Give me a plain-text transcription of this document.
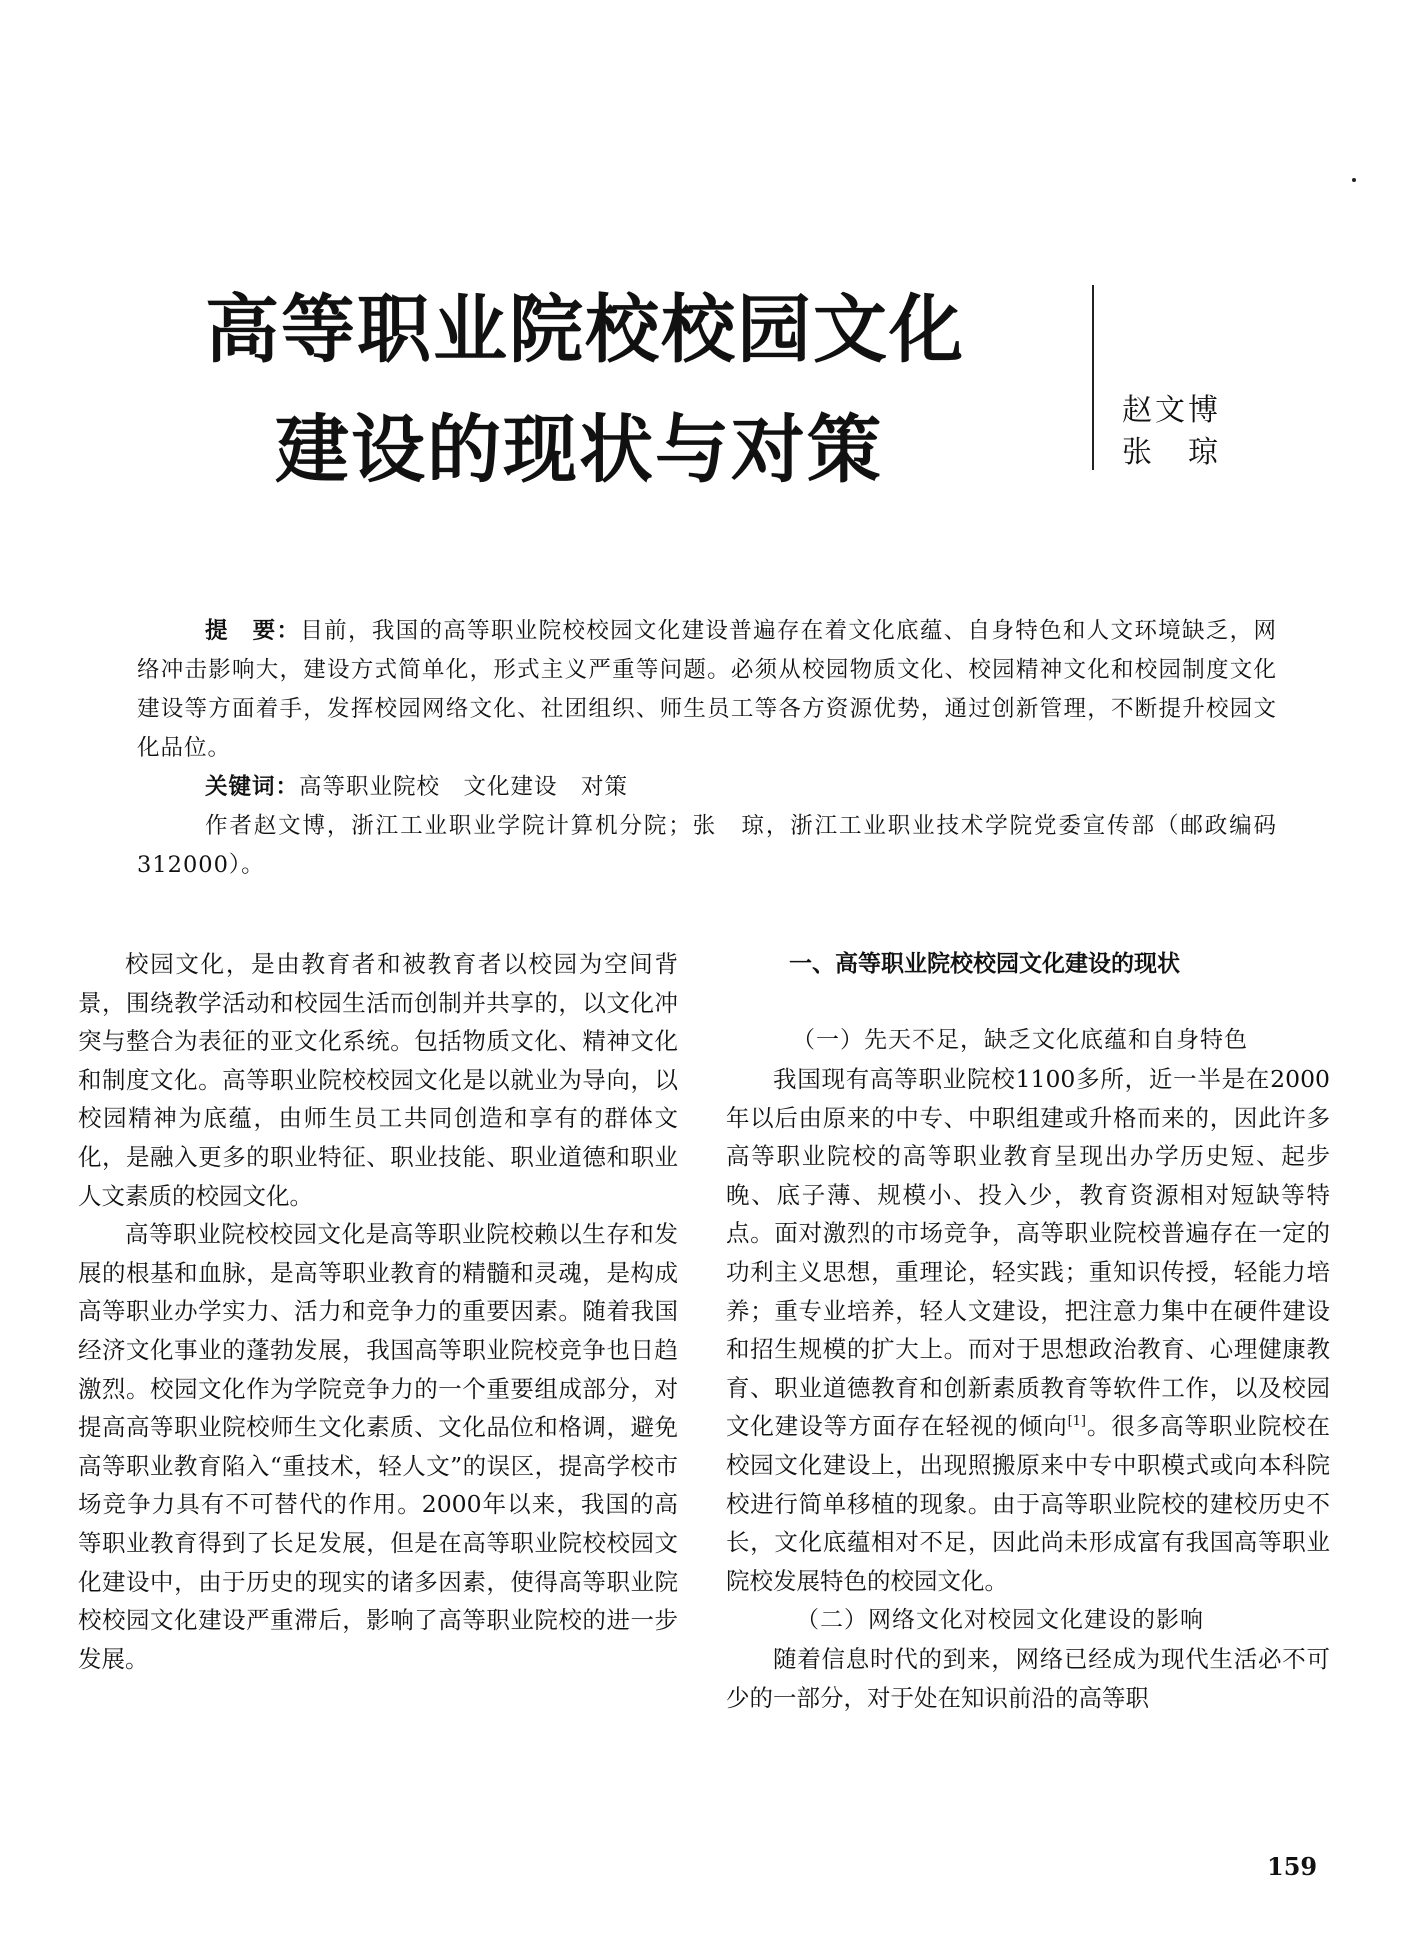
高等职业院校校园文化
建设的现状与对策	赵文博
张　琼

提　要：目前，我国的高等职业院校校园文化建设普遍存在着文化底蕴、自身特色和人文环境缺乏，网络冲击影响大，建设方式简单化，形式主义严重等问题。必须从校园物质文化、校园精神文化和校园制度文化建设等方面着手，发挥校园网络文化、社团组织、师生员工等各方资源优势，通过创新管理，不断提升校园文化品位。

关键词：高等职业院校　文化建设　对策

作者赵文博，浙江工业职业学院计算机分院；张　琼，浙江工业职业技术学院党委宣传部（邮政编码　312000）。

校园文化，是由教育者和被教育者以校园为空间背景，围绕教学活动和校园生活而创制并共享的，以文化冲突与整合为表征的亚文化系统。包括物质文化、精神文化和制度文化。高等职业院校校园文化是以就业为导向，以校园精神为底蕴，由师生员工共同创造和享有的群体文化，是融入更多的职业特征、职业技能、职业道德和职业人文素质的校园文化。

高等职业院校校园文化是高等职业院校赖以生存和发展的根基和血脉，是高等职业教育的精髓和灵魂，是构成高等职业办学实力、活力和竞争力的重要因素。随着我国经济文化事业的蓬勃发展，我国高等职业院校竞争也日趋激烈。校园文化作为学院竞争力的一个重要组成部分，对提高高等职业院校师生文化素质、文化品位和格调，避免高等职业教育陷入“重技术，轻人文”的误区，提高学校市场竞争力具有不可替代的作用。2000年以来，我国的高等职业教育得到了长足发展，但是在高等职业院校校园文化建设中，由于历史的现实的诸多因素，使得高等职业院校校园文化建设严重滞后，影响了高等职业院校的进一步发展。

一、高等职业院校校园文化建设的现状
（一）先天不足，缺乏文化底蕴和自身特色

我国现有高等职业院校1100多所，近一半是在2000年以后由原来的中专、中职组建或升格而来的，因此许多高等职业院校的高等职业教育呈现出办学历史短、起步晚、底子薄、规模小、投入少，教育资源相对短缺等特点。面对激烈的市场竞争，高等职业院校普遍存在一定的功利主义思想，重理论，轻实践；重知识传授，轻能力培养；重专业培养，轻人文建设，把注意力集中在硬件建设和招生规模的扩大上。而对于思想政治教育、心理健康教育、职业道德教育和创新素质教育等软件工作，以及校园文化建设等方面存在轻视的倾向[1]。很多高等职业院校在校园文化建设上，出现照搬原来中专中职模式或向本科院校进行简单移植的现象。由于高等职业院校的建校历史不长，文化底蕴相对不足，因此尚未形成富有我国高等职业院校发展特色的校园文化。

（二）网络文化对校园文化建设的影响

随着信息时代的到来，网络已经成为现代生活必不可少的一部分，对于处在知识前沿的高等职

159
